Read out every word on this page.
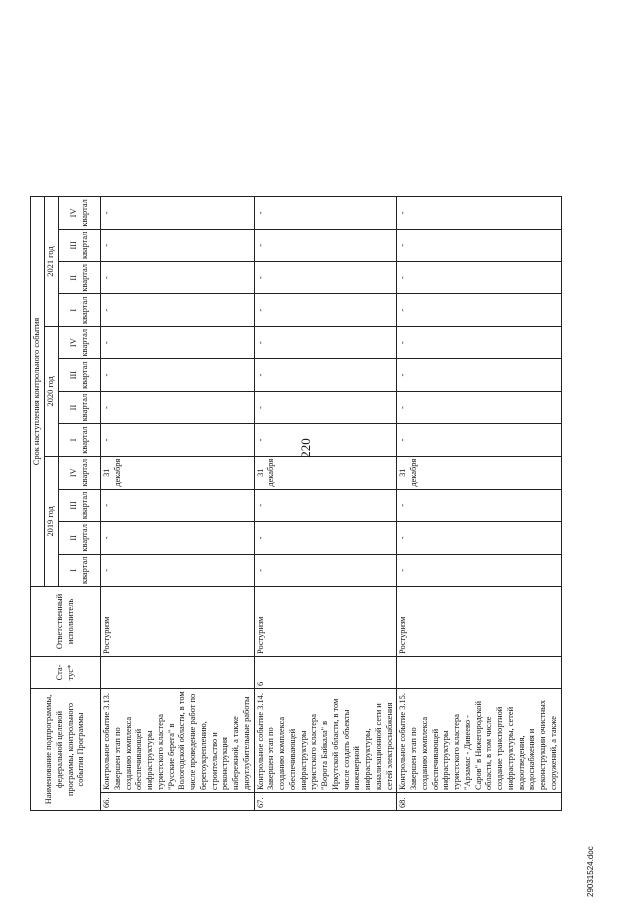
220
Наименование подпрограммы, федеральной целевой программы, контрольного события Программы		Ста-тус*	Ответственный исполнитель	Срок наступления контрольного события											
				2019 год				2020 год				2021 год			
				I квартал	II квартал	III квартал	IV квартал	I квартал	II квартал	III квартал	IV квартал	I квартал	II квартал	III квартал	IV квартал
66.	Контрольное событие 3.13. Завершен этап по созданию комплекса обеспечивающей инфраструктуры туристского кластера "Русские берега" в Вологодской области, в том числе проведение работ по берегоукреплению, строительство и реконструкция набережной, а также дноуглубительные работы		Ростуризм	-	-	-	31 декабря	-	-	-	-	-	-	-	-
67.	Контрольное событие 3.14. Завершен этап по созданию комплекса обеспечивающей инфраструктуры туристского кластера "Ворота Байкала" в Иркутской области, в том числе создать объекты инженерной инфраструктуры, канализационной сети и сетей электроснабжения	6	Ростуризм	-	-	-	31 декабря	-	-	-	-	-	-	-	-
68.	Контрольное событие 3.15. Завершен этап по созданию комплекса обеспечивающей инфраструктуры туристского кластера "Арзамас - Дивеево - Саров" в Нижегородской области, в том числе создание транспортной инфраструктуры, сетей водоотведения, водоснабжения и реконструкции очистных сооружений, а также		Ростуризм	-	-	-	31 декабря	-	-	-	-	-	-	-	-
29031524.doc
